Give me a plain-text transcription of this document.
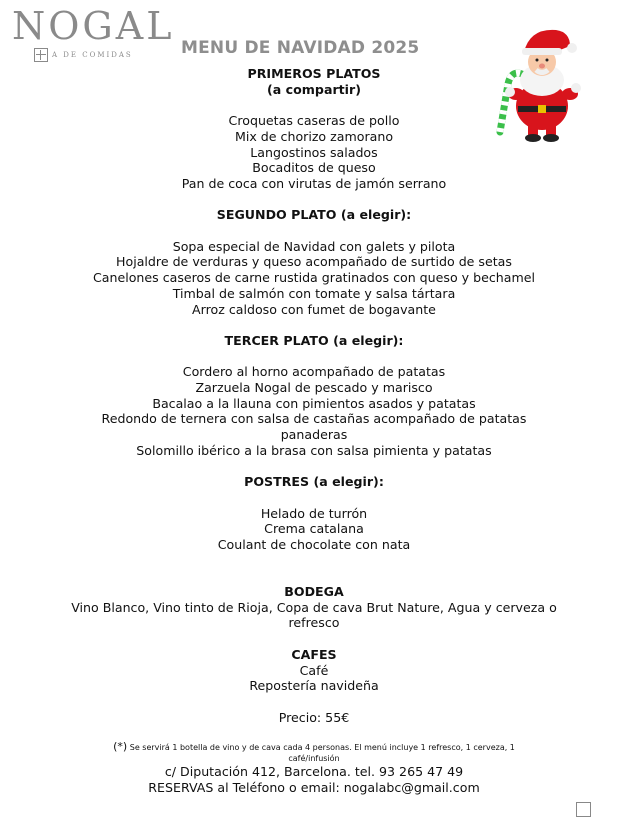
NOGAL
A DE COMIDAS	MENU DE NAVIDAD 2025

PRIMEROS PLATOS

(a compartir)

Croquetas caseras de pollo

Mix de chorizo zamorano

Langostinos salados

Bocaditos de queso

Pan de coca con virutas de jamón serrano

SEGUNDO PLATO (a elegir):

Sopa especial de Navidad con galets y pilota

Hojaldre de verduras y queso acompañado de surtido de setas

Canelones caseros de carne rustida gratinados con queso y bechamel

Timbal de salmón con tomate y salsa tártara

Arroz caldoso con fumet de bogavante

TERCER PLATO (a elegir):

Cordero al horno acompañado de patatas

Zarzuela Nogal de pescado y marisco

Bacalao a la llauna con pimientos asados y patatas

Redondo de ternera con salsa de castañas acompañado de patatas

panaderas

Solomillo ibérico a la brasa con salsa pimienta y patatas

POSTRES (a elegir):

Helado de turrón

Crema catalana

Coulant de chocolate con nata

BODEGA

Vino Blanco, Vino tinto de Rioja, Copa de cava Brut Nature, Agua y cerveza o

refresco

CAFES

Café

Repostería navideña

Precio: 55€

(*) Se servirá 1 botella de vino y de cava cada 4 personas. El menú incluye 1 refresco, 1 cerveza, 1

café/infusión

c/ Diputación 412, Barcelona. tel. 93 265 47 49

RESERVAS al Teléfono o email: nogalabc@gmail.com
